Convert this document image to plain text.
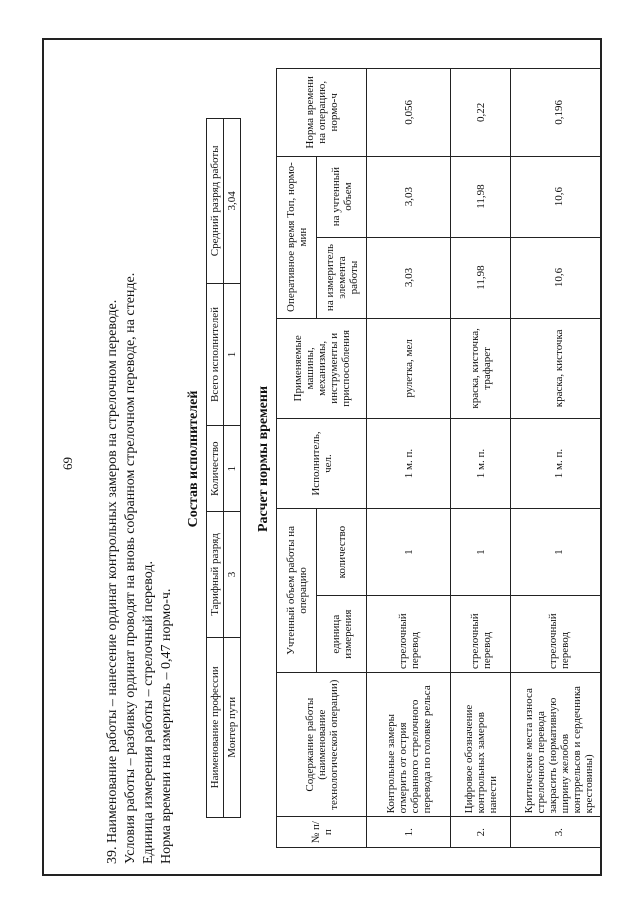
69 39. Наименование работы – нанесение ординат контрольных замеров на стрелочном переводе. Условия работы – разбивку ординат проводят на вновь собранном стрелочном переводе, на стенде. Единица измерения работы – стрелочный перевод. Норма времени на измеритель – 0,47 нормо-ч.
Состав исполнителей
Наименование профессии	Тарифный разряд	Количество	Всего исполнителей	Средний разряд работы
Монтер пути	3	1	1	3,04
Расчет нормы времени
№ п/п	Содержание работы (наименование технологической операции)	Учтенный объем работы на операцию		Исполнитель, чел.	Применяемые машины, механизмы, инструменты и приспособления	Оперативное время Топ, нормо-мин		Норма времени на операцию, нормо-ч
		единица измерения	количество			на измеритель элемента работы	на учтенный объем	
1.	Контрольные замеры отмерить от острия собранного стрелочного перевода по головке рельса	стрелочный перевод	1	1 м. п.	рулетка, мел	3,03	3,03	0,056
2.	Цифровое обозначение контрольных замеров нанести	стрелочный перевод	1	1 м. п.	краска, кисточка, трафарет	11,98	11,98	0,22
3.	Критические места износа стрелочного перевода закрасить (нормативную ширину желобов контррельсов и сердечника крестовины)	стрелочный перевод	1	1 м. п.	краска, кисточка	10,6	10,6	0,196
